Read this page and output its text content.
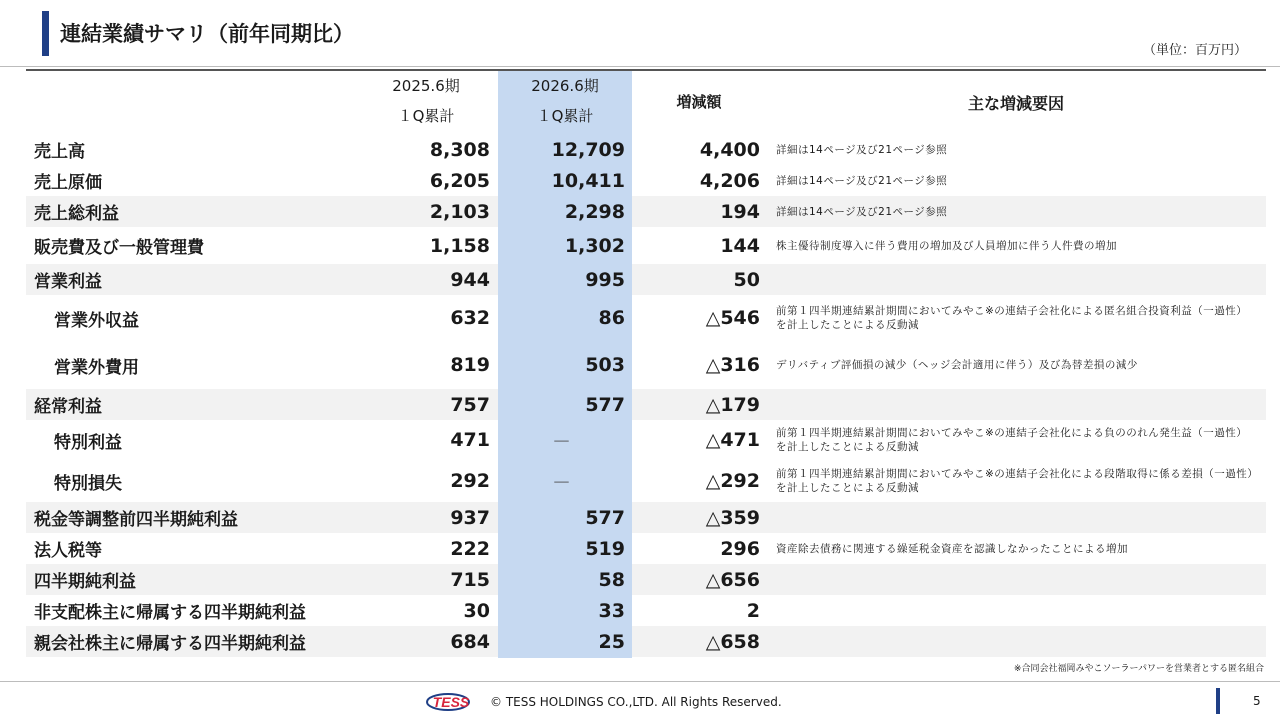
連結業績サマリ（前年同期比）
（単位：百万円）
2025.6期
１Q累計
2026.6期
１Q累計
増減額	主な増減要因
売上高	8,308	12,709	4,400 詳細は14ページ及び21ページ参照
売上原価	6,205	10,411	4,206 詳細は14ページ及び21ページ参照
売上総利益	2,103	2,298	194 詳細は14ページ及び21ページ参照
販売費及び一般管理費	1,158	1,302	144 株主優待制度導入に伴う費用の増加及び人員増加に伴う人件費の増加
営業利益	944	995	50
営業外収益	632	86	△546 前第１四半期連結累計期間においてみやこ※の連結子会社化による匿名組合投資利益（一過性）を計上したことによる反動減
営業外費用	819	503	△316 デリバティブ評価損の減少（ヘッジ会計適用に伴う）及び為替差損の減少
経常利益	757	577	△179
特別利益	471	－	△471 前第１四半期連結累計期間においてみやこ※の連結子会社化による負ののれん発生益（一過性）を計上したことによる反動減
特別損失	292	－	△292 前第１四半期連結累計期間においてみやこ※の連結子会社化による段階取得に係る差損（一過性）を計上したことによる反動減
税金等調整前四半期純利益	937	577	△359
法人税等	222	519	296 資産除去債務に関連する繰延税金資産を認識しなかったことによる増加
四半期純利益	715	58	△656
非支配株主に帰属する四半期純利益	30	33	2
親会社株主に帰属する四半期純利益	684	25	△658
※合同会社福岡みやこソーラーパワーを営業者とする匿名組合
TESS © TESS HOLDINGS CO.,LTD. All Rights Reserved.	5
